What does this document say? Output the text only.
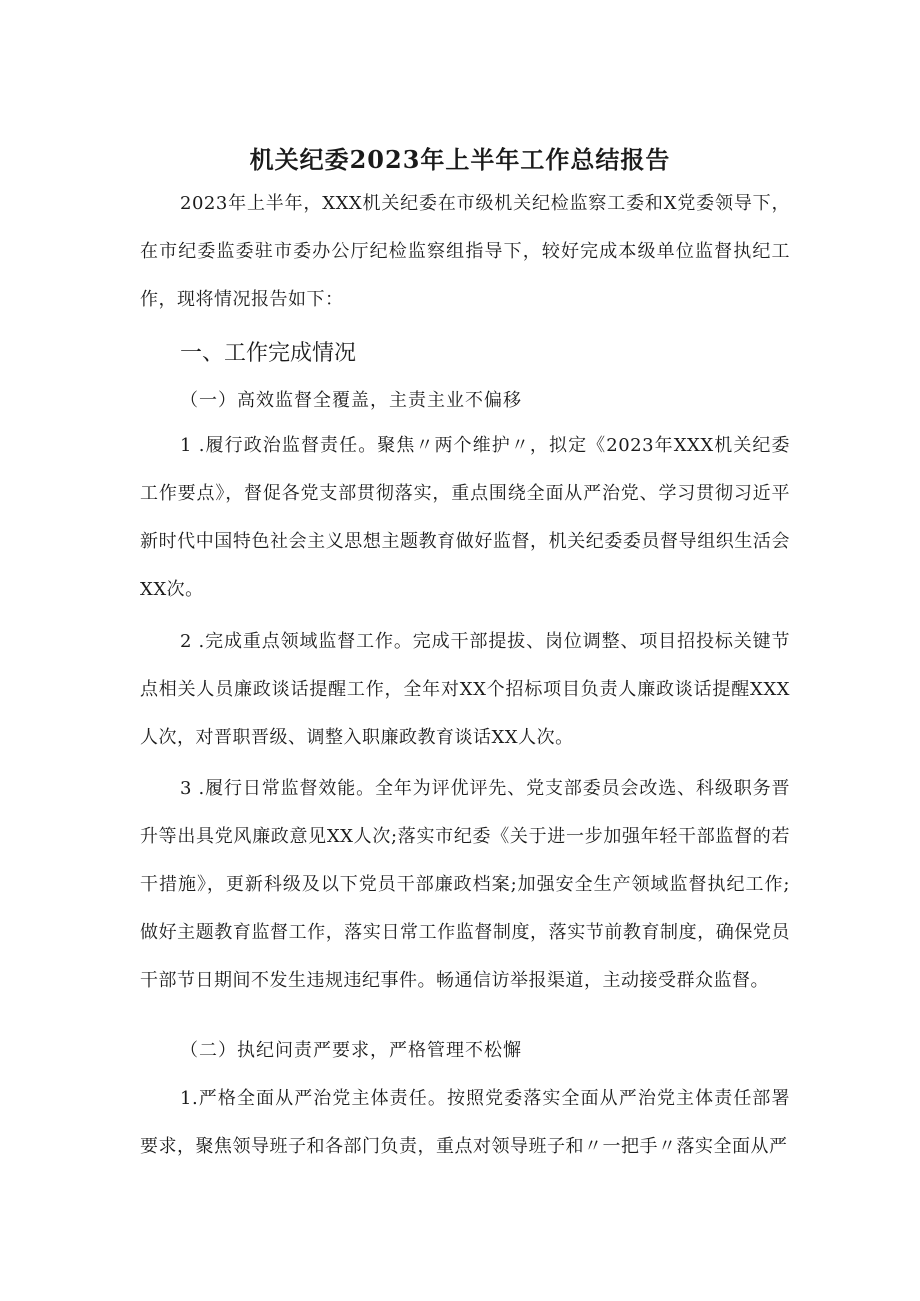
机关纪委2023年上半年工作总结报告
2023年上半年，XXX机关纪委在市级机关纪检监察工委和X党委领导下，在市纪委监委驻市委办公厅纪检监察组指导下，较好完成本级单位监督执纪工作，现将情况报告如下：
一、工作完成情况
（一）高效监督全覆盖，主责主业不偏移
1 .履行政治监督责任。聚焦〃两个维护〃，拟定《2023年XXX机关纪委工作要点》，督促各党支部贯彻落实，重点围绕全面从严治党、学习贯彻习近平新时代中国特色社会主义思想主题教育做好监督，机关纪委委员督导组织生活会XX次。
2 .完成重点领域监督工作。完成干部提拔、岗位调整、项目招投标关键节点相关人员廉政谈话提醒工作，全年对XX个招标项目负责人廉政谈话提醒XXX人次，对晋职晋级、调整入职廉政教育谈话XX人次。
3 .履行日常监督效能。全年为评优评先、党支部委员会改选、科级职务晋升等出具党风廉政意见XX人次;落实市纪委《关于进一步加强年轻干部监督的若干措施》，更新科级及以下党员干部廉政档案;加强安全生产领域监督执纪工作;做好主题教育监督工作，落实日常工作监督制度，落实节前教育制度，确保党员干部节日期间不发生违规违纪事件。畅通信访举报渠道，主动接受群众监督。
（二）执纪问责严要求，严格管理不松懈
1.严格全面从严治党主体责任。按照党委落实全面从严治党主体责任部署要求，聚焦领导班子和各部门负责，重点对领导班子和〃一把手〃落实全面从严
